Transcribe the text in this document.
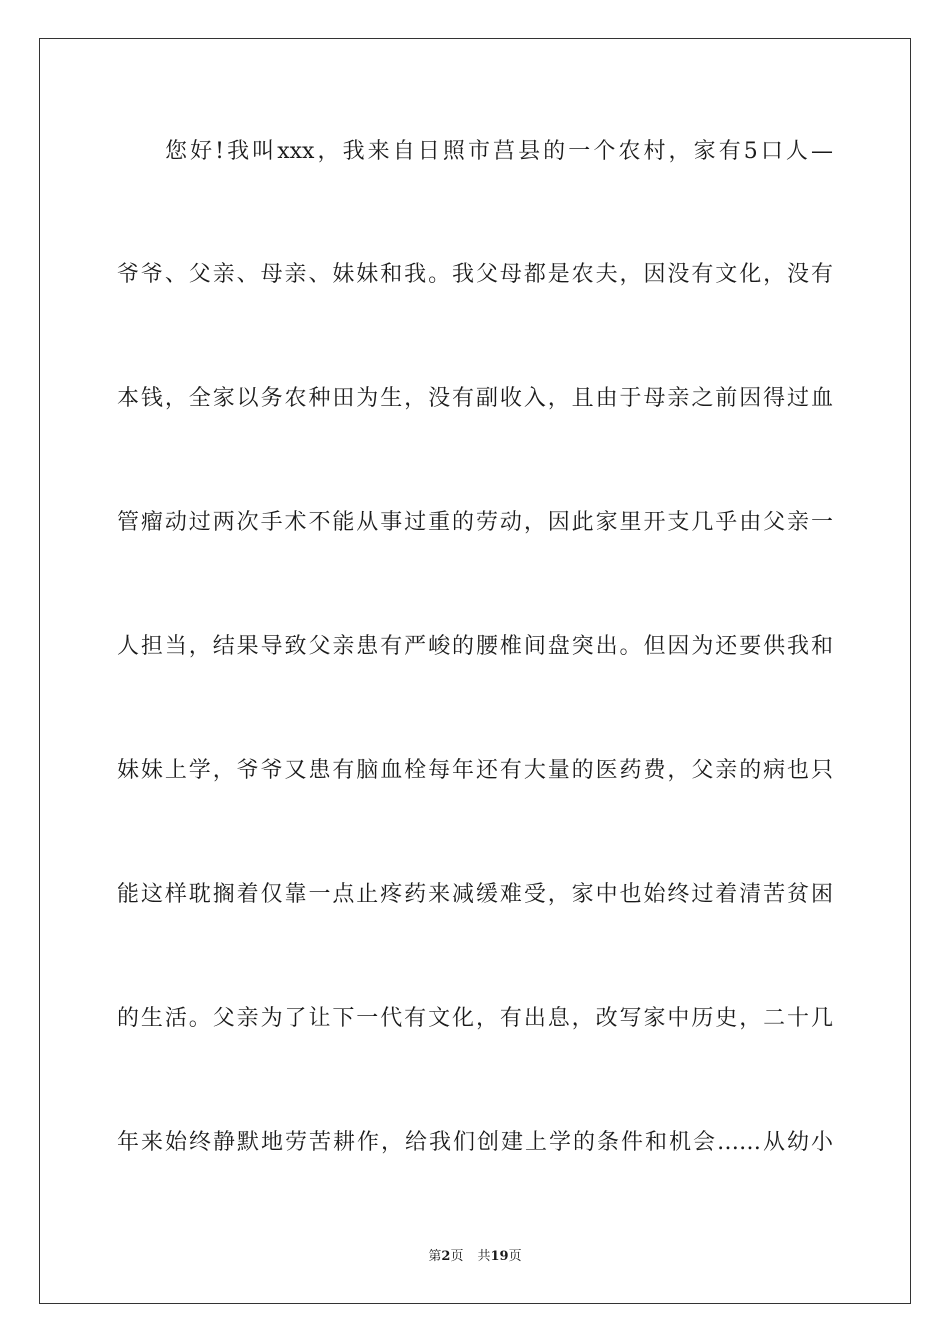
您好!我叫xxx，我来自日照市莒县的一个农村，家有5口人—
爷爷、父亲、母亲、妹妹和我。我父母都是农夫，因没有文化，没有
本钱，全家以务农种田为生，没有副收入，且由于母亲之前因得过血
管瘤动过两次手术不能从事过重的劳动，因此家里开支几乎由父亲一
人担当，结果导致父亲患有严峻的腰椎间盘突出。但因为还要供我和
妹妹上学，爷爷又患有脑血栓每年还有大量的医药费，父亲的病也只
能这样耽搁着仅靠一点止疼药来减缓难受，家中也始终过着清苦贫困
的生活。父亲为了让下一代有文化，有出息，改写家中历史，二十几
年来始终静默地劳苦耕作，给我们创建上学的条件和机会……从幼小
第2页 共19页
